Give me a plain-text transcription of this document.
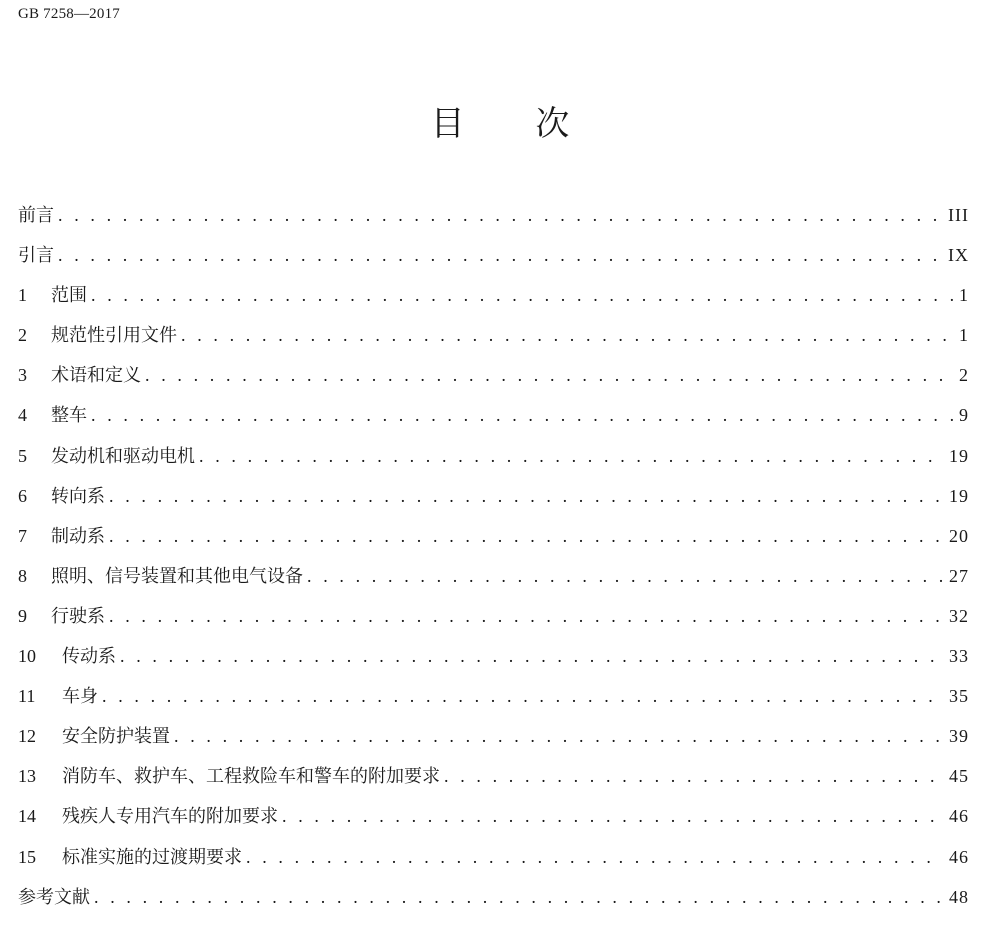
GB 7258—2017
目 次
前言 . . .	III
引言 . . .	IX
1	范围 . . .	1
2	规范性引用文件 . . .	1
3	术语和定义 . . .	2
4	整车 . . .	9
5	发动机和驱动电机 . . .	19
6	转向系 . . .	19
7	制动系 . . .	20
8	照明、信号装置和其他电气设备 . . .	27
9	行驶系 . . .	32
10	传动系 . . .	33
11	车身 . . .	35
12	安全防护装置 . . .	39
13	消防车、救护车、工程救险车和警车的附加要求 . . .	45
14	残疾人专用汽车的附加要求 . . .	46
15	标准实施的过渡期要求 . . .	46
参考文献 . . .	48
